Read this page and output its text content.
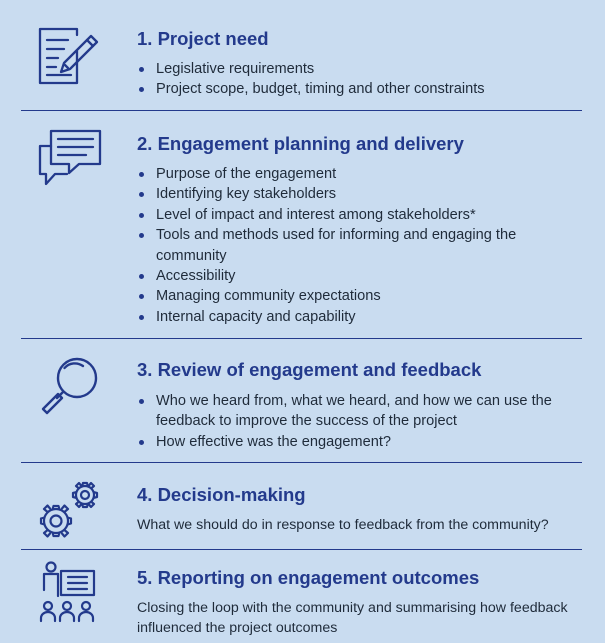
1. Project need
Legislative requirements
Project scope, budget, timing and other constraints
2. Engagement planning and delivery
Purpose of the engagement
Identifying key stakeholders
Level of impact and interest among stakeholders*
Tools and methods used for informing and engaging the community
Accessibility
Managing community expectations
Internal capacity and capability
3. Review of engagement and feedback
Who we heard from, what we heard, and how we can use the feedback to improve the success of the project
How effective was the engagement?
4. Decision-making

What we should do in response to feedback from the community?

5. Reporting on engagement outcomes

Closing the loop with the community and summarising how feedback influenced the project outcomes
